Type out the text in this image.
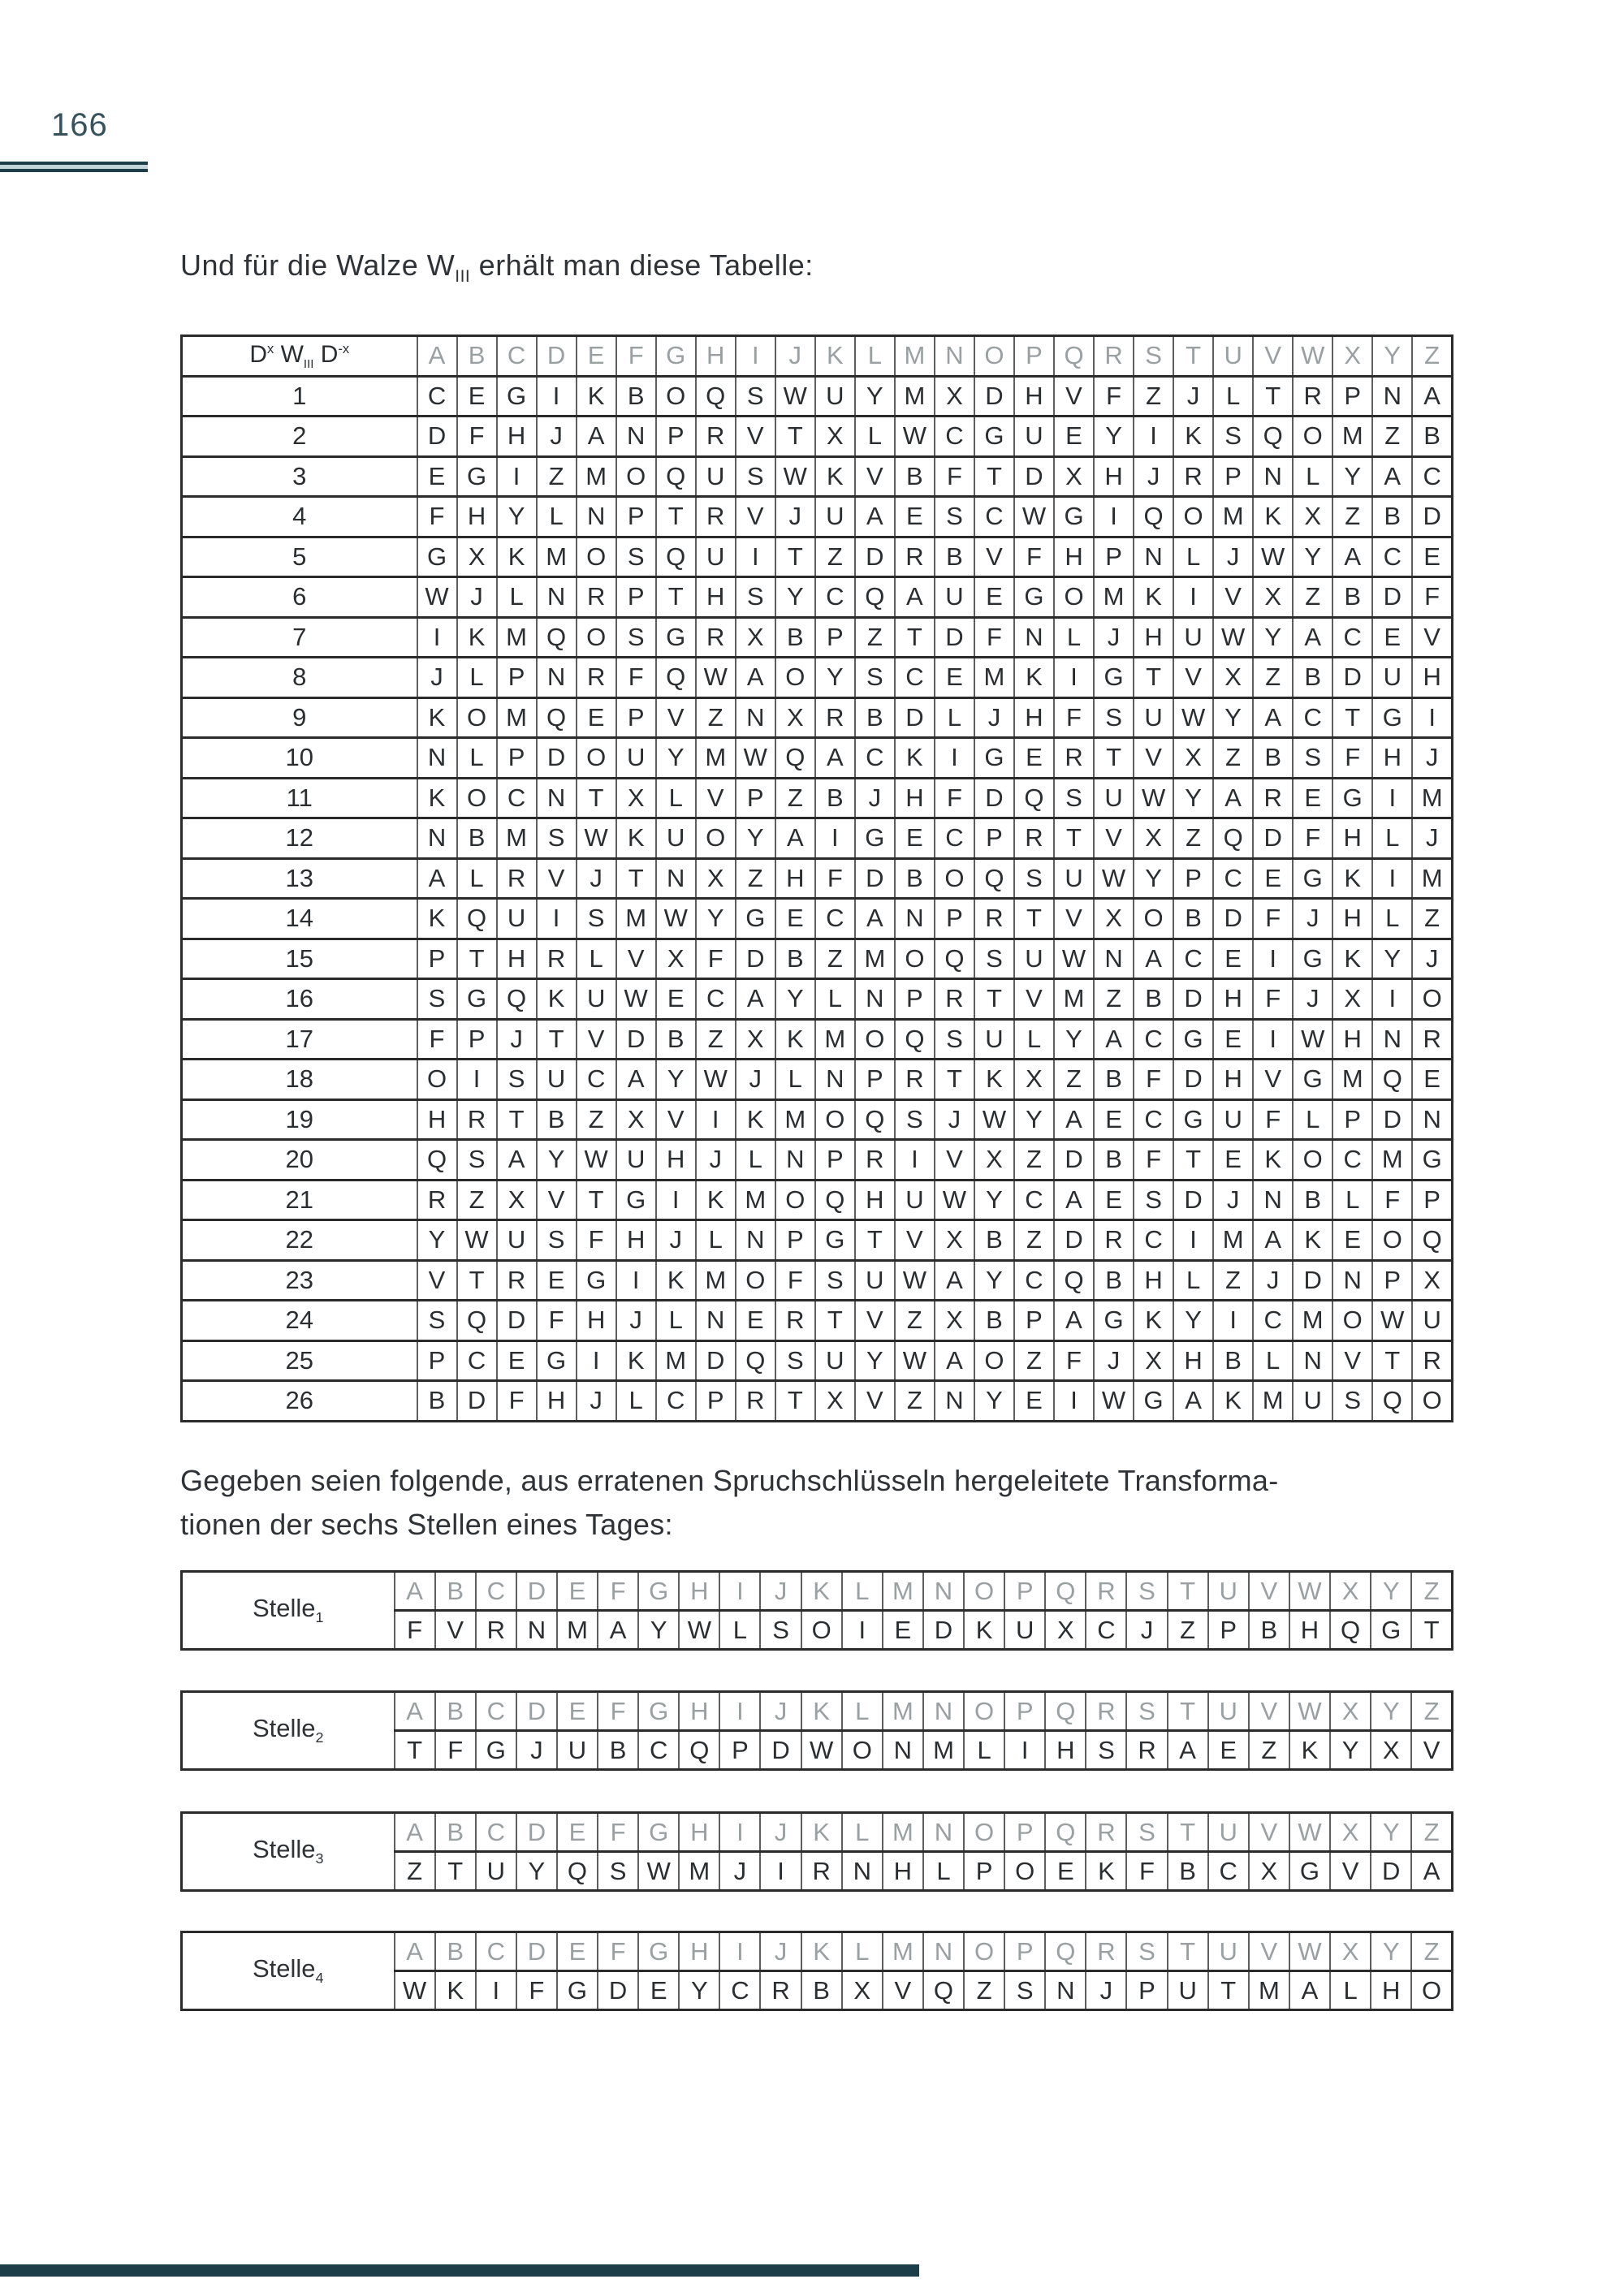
166
Und für die Walze $W_{III}$ erhält man diese Tabelle:
$D^x$ $W_{III}$ $D^{-x}$	A	B	C	D	E	F	G	H	I	J	K	L	M	N	O	P	Q	R	S	T	U	V	W	X	Y	Z
1	C	E	G	I	K	B	O	Q	S	W	U	Y	M	X	D	H	V	F	Z	J	L	T	R	P	N	A
2	D	F	H	J	A	N	P	R	V	T	X	L	W	C	G	U	E	Y	I	K	S	Q	O	M	Z	B
3	E	G	I	Z	M	O	Q	U	S	W	K	V	B	F	T	D	X	H	J	R	P	N	L	Y	A	C
4	F	H	Y	L	N	P	T	R	V	J	U	A	E	S	C	W	G	I	Q	O	M	K	X	Z	B	D
5	G	X	K	M	O	S	Q	U	I	T	Z	D	R	B	V	F	H	P	N	L	J	W	Y	A	C	E
6	W	J	L	N	R	P	T	H	S	Y	C	Q	A	U	E	G	O	M	K	I	V	X	Z	B	D	F
7	I	K	M	Q	O	S	G	R	X	B	P	Z	T	D	F	N	L	J	H	U	W	Y	A	C	E	V
8	J	L	P	N	R	F	Q	W	A	O	Y	S	C	E	M	K	I	G	T	V	X	Z	B	D	U	H
9	K	O	M	Q	E	P	V	Z	N	X	R	B	D	L	J	H	F	S	U	W	Y	A	C	T	G	I
10	N	L	P	D	O	U	Y	M	W	Q	A	C	K	I	G	E	R	T	V	X	Z	B	S	F	H	J
11	K	O	C	N	T	X	L	V	P	Z	B	J	H	F	D	Q	S	U	W	Y	A	R	E	G	I	M
12	N	B	M	S	W	K	U	O	Y	A	I	G	E	C	P	R	T	V	X	Z	Q	D	F	H	L	J
13	A	L	R	V	J	T	N	X	Z	H	F	D	B	O	Q	S	U	W	Y	P	C	E	G	K	I	M
14	K	Q	U	I	S	M	W	Y	G	E	C	A	N	P	R	T	V	X	O	B	D	F	J	H	L	Z
15	P	T	H	R	L	V	X	F	D	B	Z	M	O	Q	S	U	W	N	A	C	E	I	G	K	Y	J
16	S	G	Q	K	U	W	E	C	A	Y	L	N	P	R	T	V	M	Z	B	D	H	F	J	X	I	O
17	F	P	J	T	V	D	B	Z	X	K	M	O	Q	S	U	L	Y	A	C	G	E	I	W	H	N	R
18	O	I	S	U	C	A	Y	W	J	L	N	P	R	T	K	X	Z	B	F	D	H	V	G	M	Q	E
19	H	R	T	B	Z	X	V	I	K	M	O	Q	S	J	W	Y	A	E	C	G	U	F	L	P	D	N
20	Q	S	A	Y	W	U	H	J	L	N	P	R	I	V	X	Z	D	B	F	T	E	K	O	C	M	G
21	R	Z	X	V	T	G	I	K	M	O	Q	H	U	W	Y	C	A	E	S	D	J	N	B	L	F	P
22	Y	W	U	S	F	H	J	L	N	P	G	T	V	X	B	Z	D	R	C	I	M	A	K	E	O	Q
23	V	T	R	E	G	I	K	M	O	F	S	U	W	A	Y	C	Q	B	H	L	Z	J	D	N	P	X
24	S	Q	D	F	H	J	L	N	E	R	T	V	Z	X	B	P	A	G	K	Y	I	C	M	O	W	U
25	P	C	E	G	I	K	M	D	Q	S	U	Y	W	A	O	Z	F	J	X	H	B	L	N	V	T	R
26	B	D	F	H	J	L	C	P	R	T	X	V	Z	N	Y	E	I	W	G	A	K	M	U	S	Q	O
Gegeben seien folgende, aus erratenen Spruchschlüsseln hergeleitete Transforma-
tionen der sechs Stellen eines Tages:
Stelle$_1$	A	B	C	D	E	F	G	H	I	J	K	L	M	N	O	P	Q	R	S	T	U	V	W	X	Y	Z
	F	V	R	N	M	A	Y	W	L	S	O	I	E	D	K	U	X	C	J	Z	P	B	H	Q	G	T
Stelle$_2$	A	B	C	D	E	F	G	H	I	J	K	L	M	N	O	P	Q	R	S	T	U	V	W	X	Y	Z
	T	F	G	J	U	B	C	Q	P	D	W	O	N	M	L	I	H	S	R	A	E	Z	K	Y	X	V
Stelle$_3$	A	B	C	D	E	F	G	H	I	J	K	L	M	N	O	P	Q	R	S	T	U	V	W	X	Y	Z
	Z	T	U	Y	Q	S	W	M	J	I	R	N	H	L	P	O	E	K	F	B	C	X	G	V	D	A
Stelle$_4$	A	B	C	D	E	F	G	H	I	J	K	L	M	N	O	P	Q	R	S	T	U	V	W	X	Y	Z
	W	K	I	F	G	D	E	Y	C	R	B	X	V	Q	Z	S	N	J	P	U	T	M	A	L	H	O
